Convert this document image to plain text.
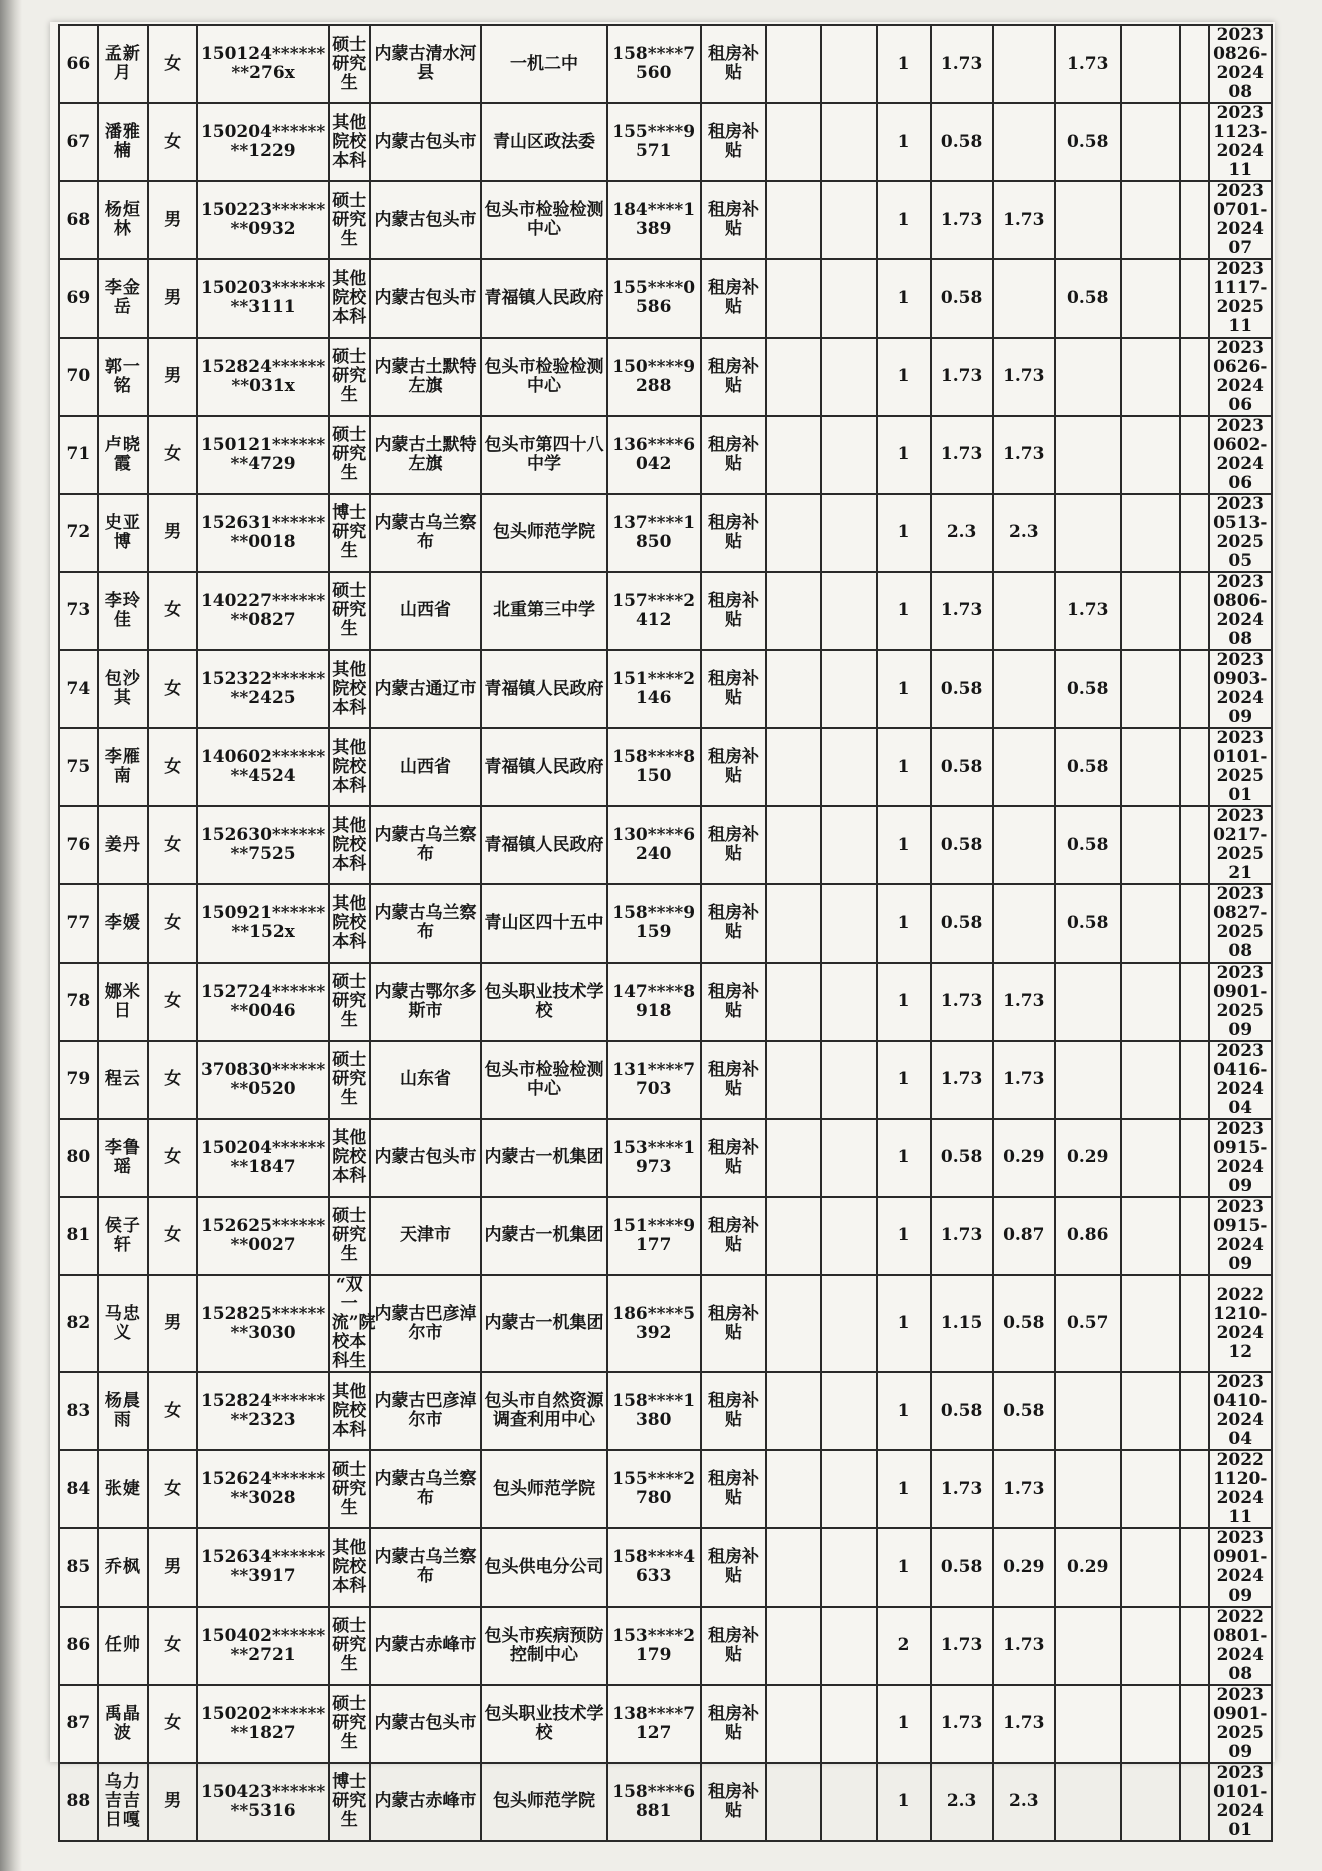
66	孟新月	女	150124********276x	硕士研究生	内蒙古清水河县	一机二中	158****7560	租房补贴			1	1.73		1.73			20230826-202408
67	潘雅楠	女	150204********1229	其他院校本科	内蒙古包头市	青山区政法委	155****9571	租房补贴			1	0.58		0.58			20231123-202411
68	杨烜林	男	150223********0932	硕士研究生	内蒙古包头市	包头市检验检测中心	184****1389	租房补贴			1	1.73	1.73				20230701-202407
69	李金岳	男	150203********3111	其他院校本科	内蒙古包头市	青福镇人民政府	155****0586	租房补贴			1	0.58		0.58			20231117-202511
70	郭一铭	男	152824********031x	硕士研究生	内蒙古土默特左旗	包头市检验检测中心	150****9288	租房补贴			1	1.73	1.73				20230626-202406
71	卢晓霞	女	150121********4729	硕士研究生	内蒙古土默特左旗	包头市第四十八中学	136****6042	租房补贴			1	1.73	1.73				20230602-202406
72	史亚博	男	152631********0018	博士研究生	内蒙古乌兰察布	包头师范学院	137****1850	租房补贴			1	2.3	2.3				20230513-202505
73	李玲佳	女	140227********0827	硕士研究生	山西省	北重第三中学	157****2412	租房补贴			1	1.73		1.73			20230806-202408
74	包沙其	女	152322********2425	其他院校本科	内蒙古通辽市	青福镇人民政府	151****2146	租房补贴			1	0.58		0.58			20230903-202409
75	李雁南	女	140602********4524	其他院校本科	山西省	青福镇人民政府	158****8150	租房补贴			1	0.58		0.58			20230101-202501
76	姜丹	女	152630********7525	其他院校本科	内蒙古乌兰察布	青福镇人民政府	130****6240	租房补贴			1	0.58		0.58			20230217-202521
77	李媛	女	150921********152x	其他院校本科	内蒙古乌兰察布	青山区四十五中	158****9159	租房补贴			1	0.58		0.58			20230827-202508
78	娜米日	女	152724********0046	硕士研究生	内蒙古鄂尔多斯市	包头职业技术学校	147****8918	租房补贴			1	1.73	1.73				20230901-202509
79	程云	女	370830********0520	硕士研究生	山东省	包头市检验检测中心	131****7703	租房补贴			1	1.73	1.73				20230416-202404
80	李鲁瑶	女	150204********1847	其他院校本科	内蒙古包头市	内蒙古一机集团	153****1973	租房补贴			1	0.58	0.29	0.29			20230915-202409
81	侯子轩	女	152625********0027	硕士研究生	天津市	内蒙古一机集团	151****9177	租房补贴			1	1.73	0.87	0.86			20230915-202409
82	马忠义	男	152825********3030	“双一流”院校本科生	内蒙古巴彦淖尔市	内蒙古一机集团	186****5392	租房补贴			1	1.15	0.58	0.57			20221210-202412
83	杨晨雨	女	152824********2323	其他院校本科	内蒙古巴彦淖尔市	包头市自然资源调查利用中心	158****1380	租房补贴			1	0.58	0.58				20230410-202404
84	张婕	女	152624********3028	硕士研究生	内蒙古乌兰察布	包头师范学院	155****2780	租房补贴			1	1.73	1.73				20221120-202411
85	乔枫	男	152634********3917	其他院校本科	内蒙古乌兰察布	包头供电分公司	158****4633	租房补贴			1	0.58	0.29	0.29			20230901-202409
86	任帅	女	150402********2721	硕士研究生	内蒙古赤峰市	包头市疾病预防控制中心	153****2179	租房补贴			2	1.73	1.73				20220801-202408
87	禹晶波	女	150202********1827	硕士研究生	内蒙古包头市	包头职业技术学校	138****7127	租房补贴			1	1.73	1.73				20230901-202509
88	乌力吉吉日嘎	男	150423********5316	博士研究生	内蒙古赤峰市	包头师范学院	158****6881	租房补贴			1	2.3	2.3				20230101-202401
